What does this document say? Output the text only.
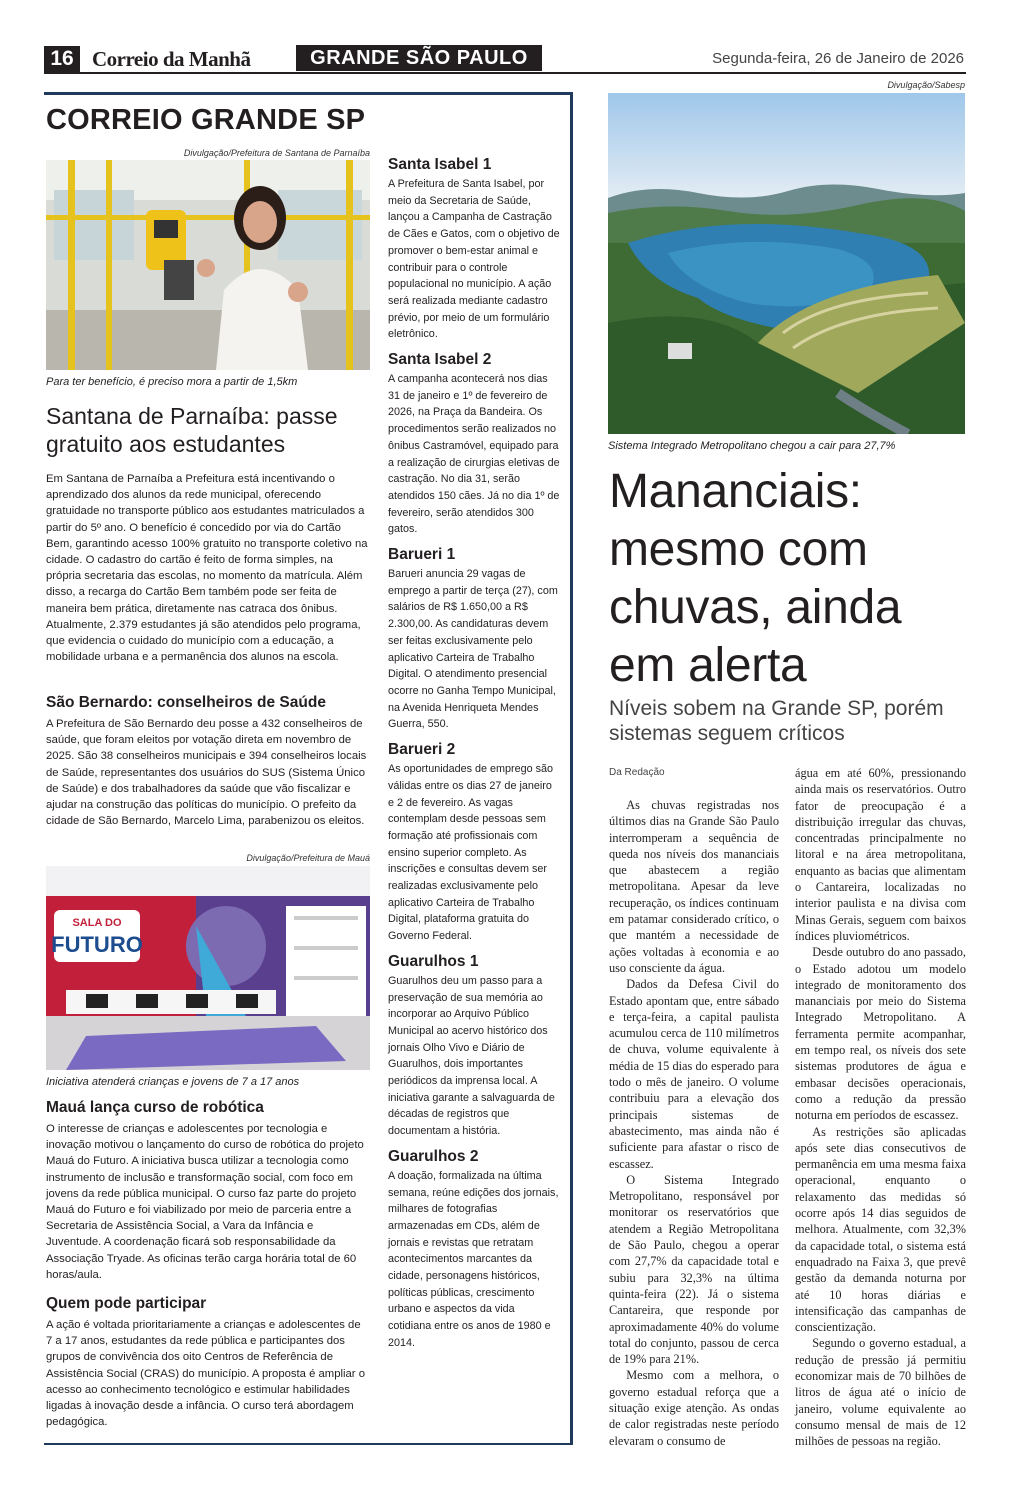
16 Correio da Manhã	GRANDE SÃO PAULO	Segunda-feira, 26 de Janeiro de 2026
CORREIO GRANDE SP
Divulgação/Prefeitura de Santana de Parnaíba
Para ter benefício, é preciso mora a partir de 1,5km
Santana de Parnaíba: passe gratuito aos estudantes

Em Santana de Parnaíba a Prefeitura está incentivando o aprendizado dos alunos da rede municipal, oferecendo gratuidade no transporte público aos estudantes matriculados a partir do 5º ano. O benefício é concedido por via do Cartão Bem, garantindo acesso 100% gratuito no transporte coletivo na cidade. O cadastro do cartão é feito de forma simples, na própria secretaria das escolas, no momento da matrícula. Além disso, a recarga do Cartão Bem também pode ser feita de maneira bem prática, diretamente nas catraca dos ônibus. Atualmente, 2.379 estudantes já são atendidos pelo programa, que evidencia o cuidado do município com a educação, a mobilidade urbana e a permanência dos alunos na escola.

São Bernardo: conselheiros de Saúde

A Prefeitura de São Bernardo deu posse a 432 conselheiros de saúde, que foram eleitos por votação direta em novembro de 2025. São 38 conselheiros municipais e 394 conselheiros locais de Saúde, representantes dos usuários do SUS (Sistema Único de Saúde) e dos trabalhadores da saúde que vão fiscalizar e ajudar na construção das políticas do município. O prefeito da cidade de São Bernardo, Marcelo Lima, parabenizou os eleitos.

Divulgação/Prefeitura de Mauá
SALA DO
FUTURO
Iniciativa atenderá crianças e jovens de 7 a 17 anos
Mauá lança curso de robótica

O interesse de crianças e adolescentes por tecnologia e inovação motivou o lançamento do curso de robótica do projeto Mauá do Futuro. A iniciativa busca utilizar a tecnologia como instrumento de inclusão e transformação social, com foco em jovens da rede pública municipal. O curso faz parte do projeto Mauá do Futuro e foi viabilizado por meio de parceria entre a Secretaria de Assistência Social, a Vara da Infância e Juventude. A coordenação ficará sob responsabilidade da Associação Tryade. As oficinas terão carga horária total de 60 horas/aula.

Quem pode participar

A ação é voltada prioritariamente a crianças e adolescentes de 7 a 17 anos, estudantes da rede pública e participantes dos grupos de convivência dos oito Centros de Referência de Assistência Social (CRAS) do município. A proposta é ampliar o acesso ao conhecimento tecnológico e estimular habilidades ligadas à inovação desde a infância. O curso terá abordagem pedagógica.

Santa Isabel 1

A Prefeitura de Santa Isabel, por meio da Secretaria de Saúde, lançou a Campanha de Castração de Cães e Gatos, com o objetivo de promover o bem-estar animal e contribuir para o controle populacional no município. A ação será realizada mediante cadastro prévio, por meio de um formulário eletrônico.

Santa Isabel 2

A campanha acontecerá nos dias 31 de janeiro e 1º de fevereiro de 2026, na Praça da Bandeira. Os procedimentos serão realizados no ônibus Castramóvel, equipado para a realização de cirurgias eletivas de castração. No dia 31, serão atendidos 150 cães. Já no dia 1º de fevereiro, serão atendidos 300 gatos.

Barueri 1

Barueri anuncia 29 vagas de emprego a partir de terça (27), com salários de R$ 1.650,00 a R$ 2.300,00. As candidaturas devem ser feitas exclusivamente pelo aplicativo Carteira de Trabalho Digital. O atendimento presencial ocorre no Ganha Tempo Municipal, na Avenida Henriqueta Mendes Guerra, 550.

Barueri 2

As oportunidades de emprego são válidas entre os dias 27 de janeiro e 2 de fevereiro. As vagas contemplam desde pessoas sem formação até profissionais com ensino superior completo. As inscrições e consultas devem ser realizadas exclusivamente pelo aplicativo Carteira de Trabalho Digital, plataforma gratuita do Governo Federal.

Guarulhos 1

Guarulhos deu um passo para a preservação de sua memória ao incorporar ao Arquivo Público Municipal ao acervo histórico dos jornais Olho Vivo e Diário de Guarulhos, dois importantes periódicos da imprensa local. A iniciativa garante a salvaguarda de décadas de registros que documentam a história.

Guarulhos 2

A doação, formalizada na última semana, reúne edições dos jornais, milhares de fotografias armazenadas em CDs, além de jornais e revistas que retratam acontecimentos marcantes da cidade, personagens históricos, políticas públicas, crescimento urbano e aspectos da vida cotidiana entre os anos de 1980 e 2014.

Divulgação/Sabesp
Sistema Integrado Metropolitano chegou a cair para 27,7%
Mananciais: mesmo com chuvas, ainda em alerta
Níveis sobem na Grande SP, porém sistemas seguem críticos
Da Redação

As chuvas registradas nos últimos dias na Grande São Paulo interromperam a sequência de queda nos níveis dos mananciais que abastecem a região metropolitana. Apesar da leve recuperação, os índices continuam em patamar considerado crítico, o que mantém a necessidade de ações voltadas à economia e ao uso consciente da água.

Dados da Defesa Civil do Estado apontam que, entre sábado e terça-feira, a capital paulista acumulou cerca de 110 milímetros de chuva, volume equivalente à média de 15 dias do esperado para todo o mês de janeiro. O volume contribuiu para a elevação dos principais sistemas de abastecimento, mas ainda não é suficiente para afastar o risco de escassez.

O Sistema Integrado Metropolitano, responsável por monitorar os reservatórios que atendem a Região Metropolitana de São Paulo, chegou a operar com 27,7% da capacidade total e subiu para 32,3% na última quinta-feira (22). Já o sistema Cantareira, que responde por aproximadamente 40% do volume total do conjunto, passou de cerca de 19% para 21%.

Mesmo com a melhora, o governo estadual reforça que a situação exige atenção. As ondas de calor registradas neste período elevaram o consumo de

água em até 60%, pressionando ainda mais os reservatórios. Outro fator de preocupação é a distribuição irregular das chuvas, concentradas principalmente no litoral e na área metropolitana, enquanto as bacias que alimentam o Cantareira, localizadas no interior paulista e na divisa com Minas Gerais, seguem com baixos índices pluviométricos.

Desde outubro do ano passado, o Estado adotou um modelo integrado de monitoramento dos mananciais por meio do Sistema Integrado Metropolitano. A ferramenta permite acompanhar, em tempo real, os níveis dos sete sistemas produtores de água e embasar decisões operacionais, como a redução da pressão noturna em períodos de escassez.

As restrições são aplicadas após sete dias consecutivos de permanência em uma mesma faixa operacional, enquanto o relaxamento das medidas só ocorre após 14 dias seguidos de melhora. Atualmente, com 32,3% da capacidade total, o sistema está enquadrado na Faixa 3, que prevê gestão da demanda noturna por até 10 horas diárias e intensificação das campanhas de conscientização.

Segundo o governo estadual, a redução de pressão já permitiu economizar mais de 70 bilhões de litros de água até o início de janeiro, volume equivalente ao consumo mensal de mais de 12 milhões de pessoas na região.
